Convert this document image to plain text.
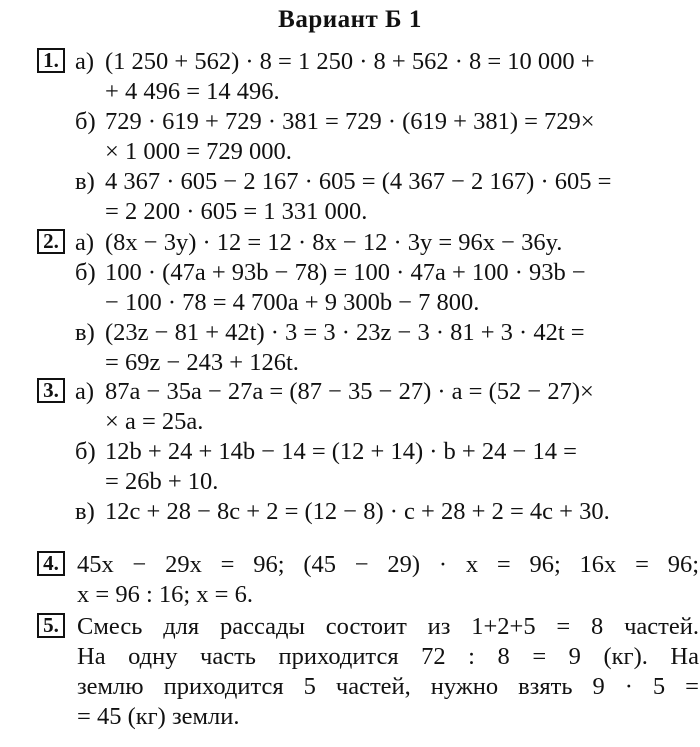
Вариант Б 1
1. а) (1 250 + 562) · 8 = 1 250 · 8 + 562 · 8 = 10 000 +
+ 4 496 = 14 496.
б) 729 · 619 + 729 · 381 = 729 · (619 + 381) = 729×
× 1 000 = 729 000.
в) 4 367 · 605 − 2 167 · 605 = (4 367 − 2 167) · 605 =
= 2 200 · 605 = 1 331 000.
2. а) (8x − 3y) · 12 = 12 · 8x − 12 · 3y = 96x − 36y.
б) 100 · (47a + 93b − 78) = 100 · 47a + 100 · 93b −
− 100 · 78 = 4 700a + 9 300b − 7 800.
в) (23z − 81 + 42t) · 3 = 3 · 23z − 3 · 81 + 3 · 42t =
= 69z − 243 + 126t.
3. а) 87a − 35a − 27a = (87 − 35 − 27) · a = (52 − 27)×
× a = 25a.
б) 12b + 24 + 14b − 14 = (12 + 14) · b + 24 − 14 =
= 26b + 10.
в) 12c + 28 − 8c + 2 = (12 − 8) · c + 28 + 2 = 4c + 30.
4. 45x − 29x = 96; (45 − 29) · x = 96; 16x = 96;
x = 96 : 16; x = 6.
5. Смесь для рассады состоит из 1+2+5 = 8 частей.
На одну часть приходится 72 : 8 = 9 (кг). На
землю приходится 5 частей, нужно взять 9 · 5 =
= 45 (кг) земли.
